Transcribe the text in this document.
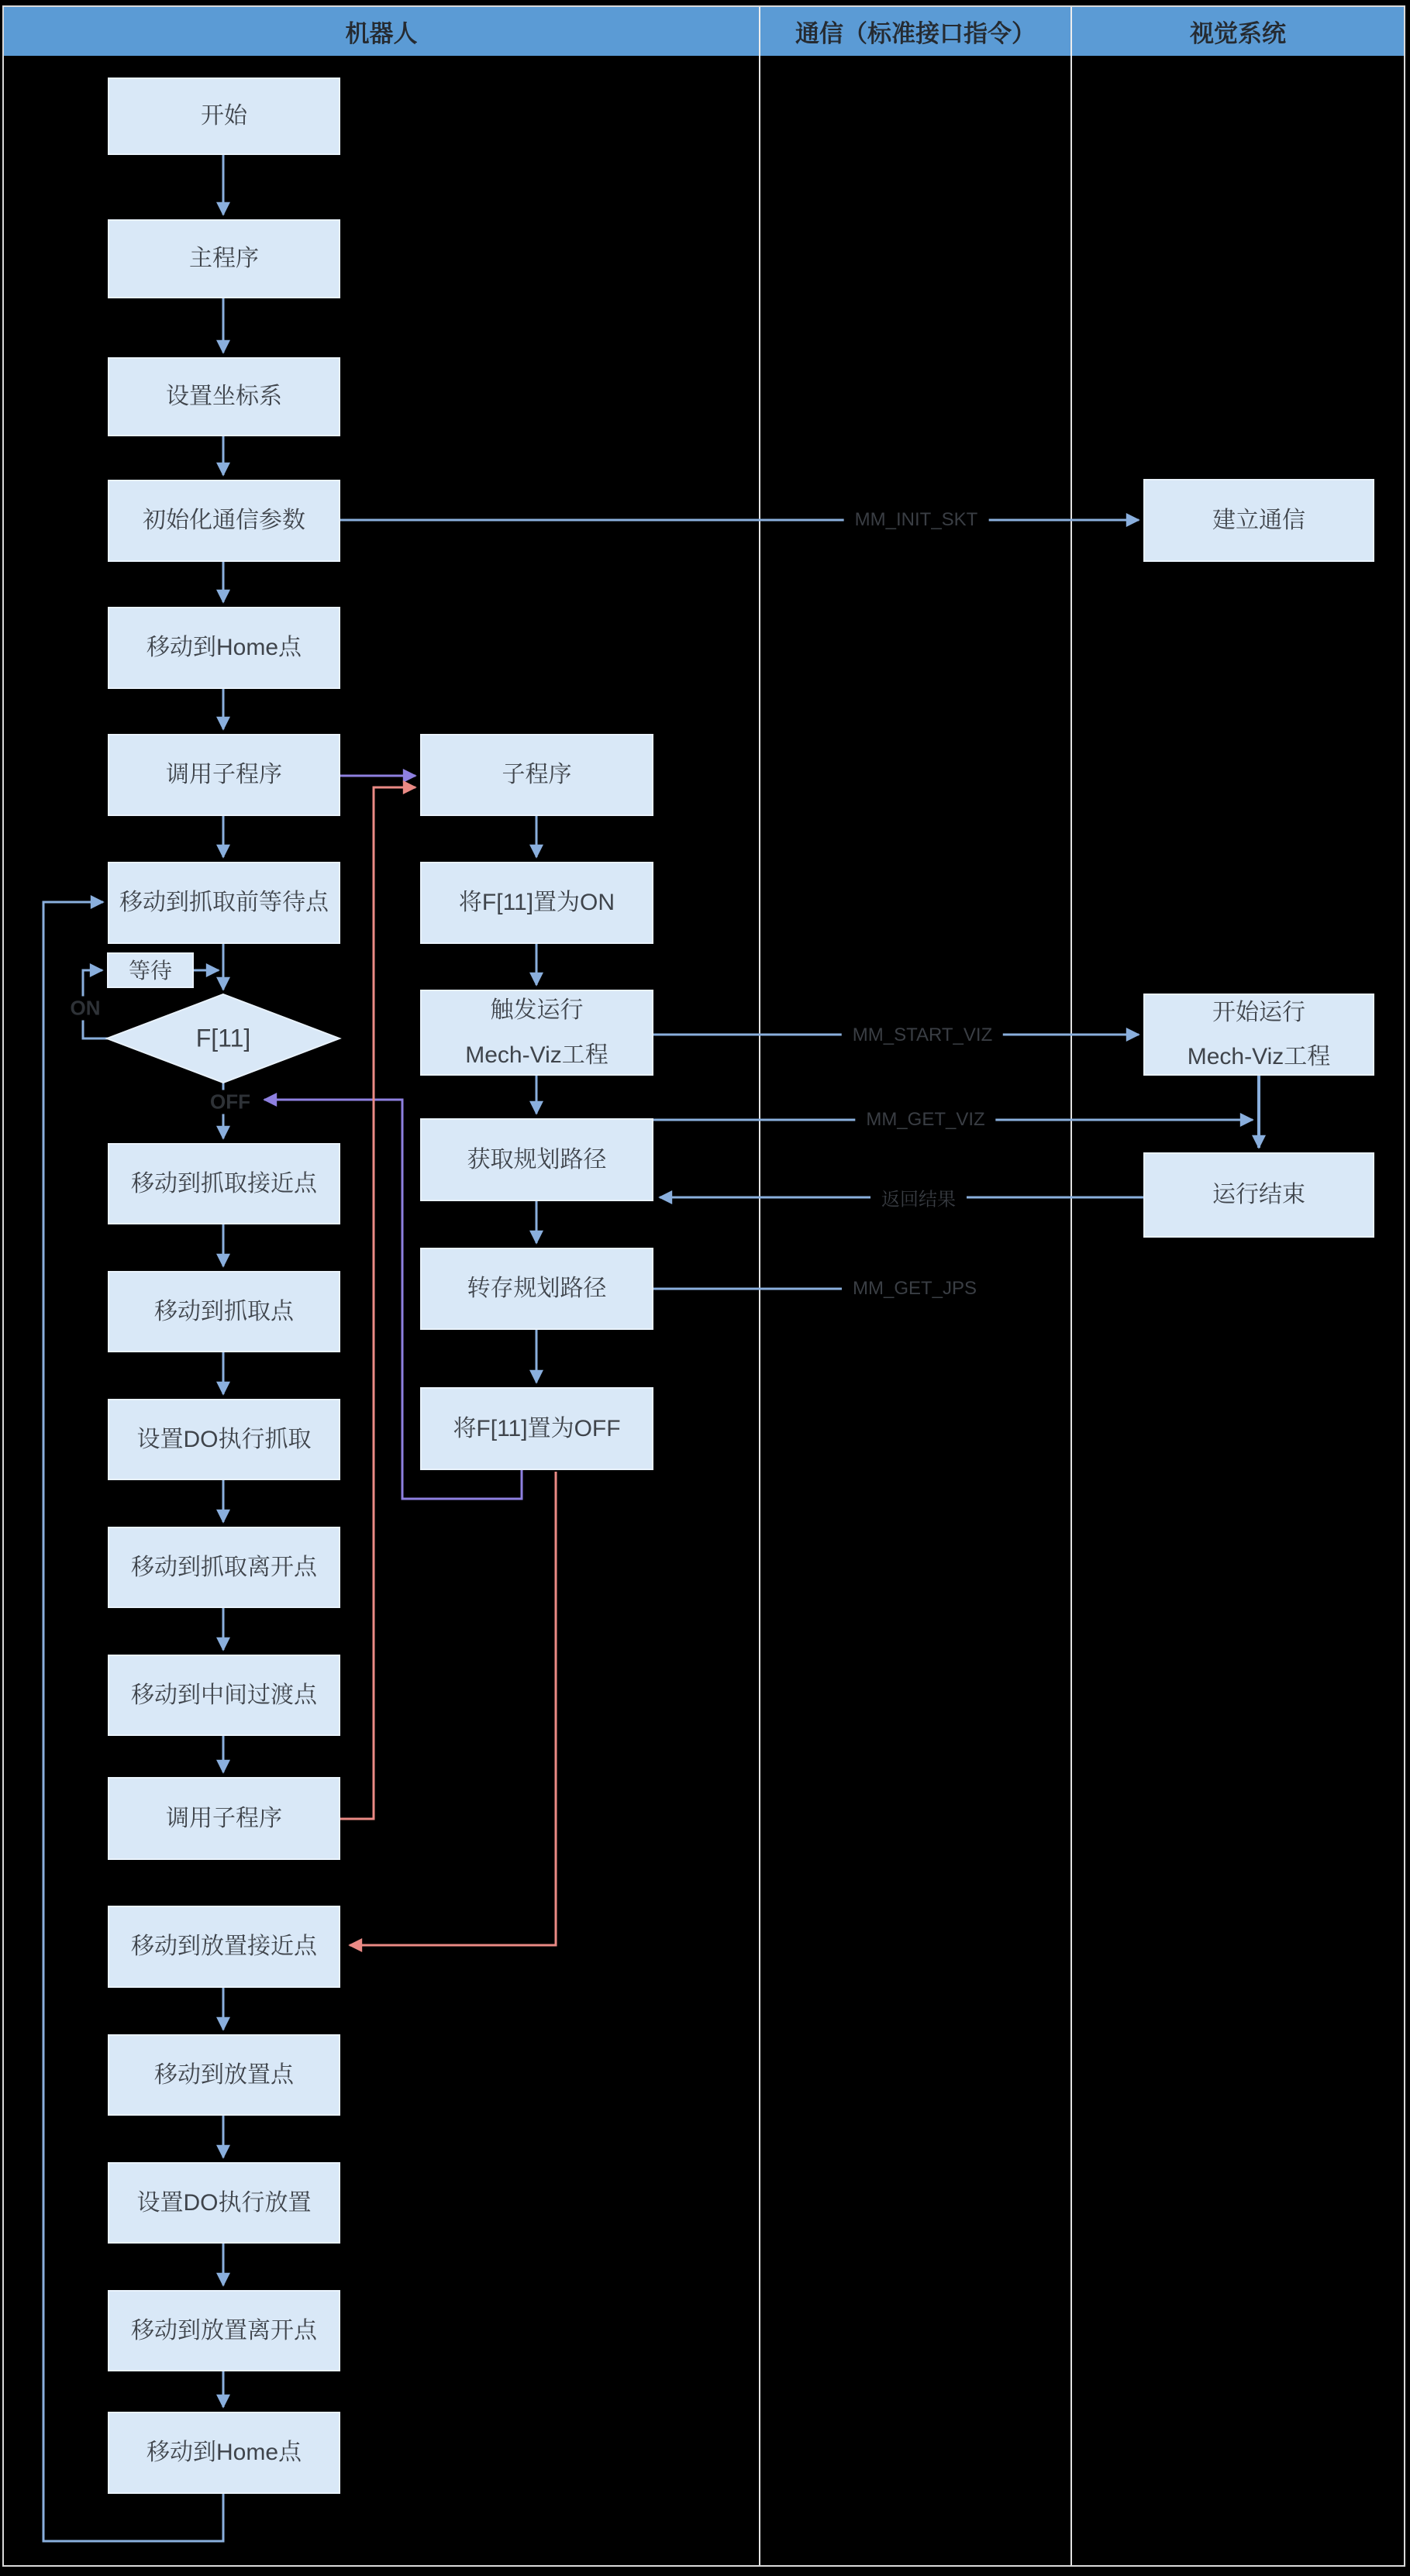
机器人	通信（标准接口指令）	视觉系统
开始
主程序
设置坐标系
初始化通信参数
移动到Home点
调用子程序
移动到抓取前等待点
等待
移动到抓取接近点
移动到抓取点
设置DO执行抓取
移动到抓取离开点
移动到中间过渡点
调用子程序
移动到放置接近点
移动到放置点
设置DO执行放置
移动到放置离开点
移动到Home点
F[11]
ON
OFF
子程序
将F[11]置为ON
触发运行
Mech-Viz工程
获取规划路径
转存规划路径
将F[11]置为OFF
建立通信
开始运行
Mech-Viz工程
运行结束
MM_INIT_SKT
MM_START_VIZ
MM_GET_VIZ
返回结果
MM_GET_JPS
